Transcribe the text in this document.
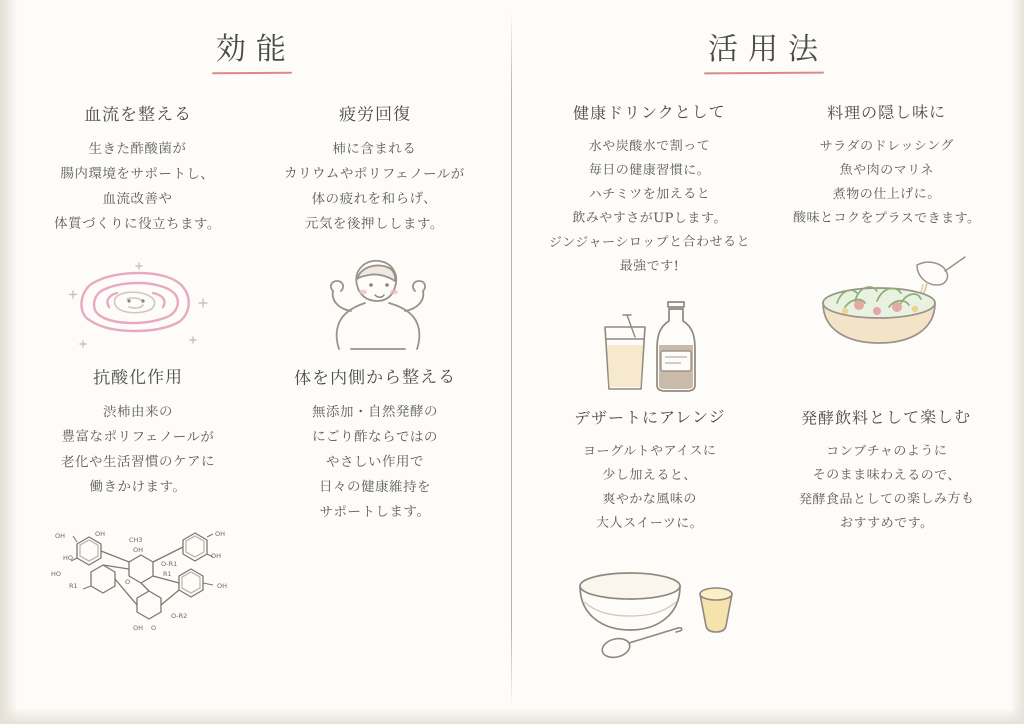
効能
血流を整える
生きた酢酸菌が
腸内環境をサポートし、
血流改善や
体質づくりに役立ちます。
疲労回復
柿に含まれる
カリウムやポリフェノールが
体の疲れを和らげ、
元気を後押しします。
抗酸化作用
渋柿由来の
豊富なポリフェノールが
老化や生活習慣のケアに
働きかけます。
OH
HO
HO
R1
OH
CH3
OH
OH
OH
OH
O-R1
R1
O
O-R2
OH O
体を内側から整える
無添加・自然発酵の
にごり酢ならではの
やさしい作用で
日々の健康維持を
サポートします。
活用法
健康ドリンクとして
水や炭酸水で割って
毎日の健康習慣に。
ハチミツを加えると
飲みやすさがUPします。
ジンジャーシロップと合わせると
最強です!
料理の隠し味に
サラダのドレッシング
魚や肉のマリネ
煮物の仕上げに。
酸味とコクをプラスできます。
デザートにアレンジ
ヨーグルトやアイスに
少し加えると、
爽やかな風味の
大人スイーツに。
発酵飲料として楽しむ
コンブチャのように
そのまま味わえるので、
発酵食品としての楽しみ方も
おすすめです。
